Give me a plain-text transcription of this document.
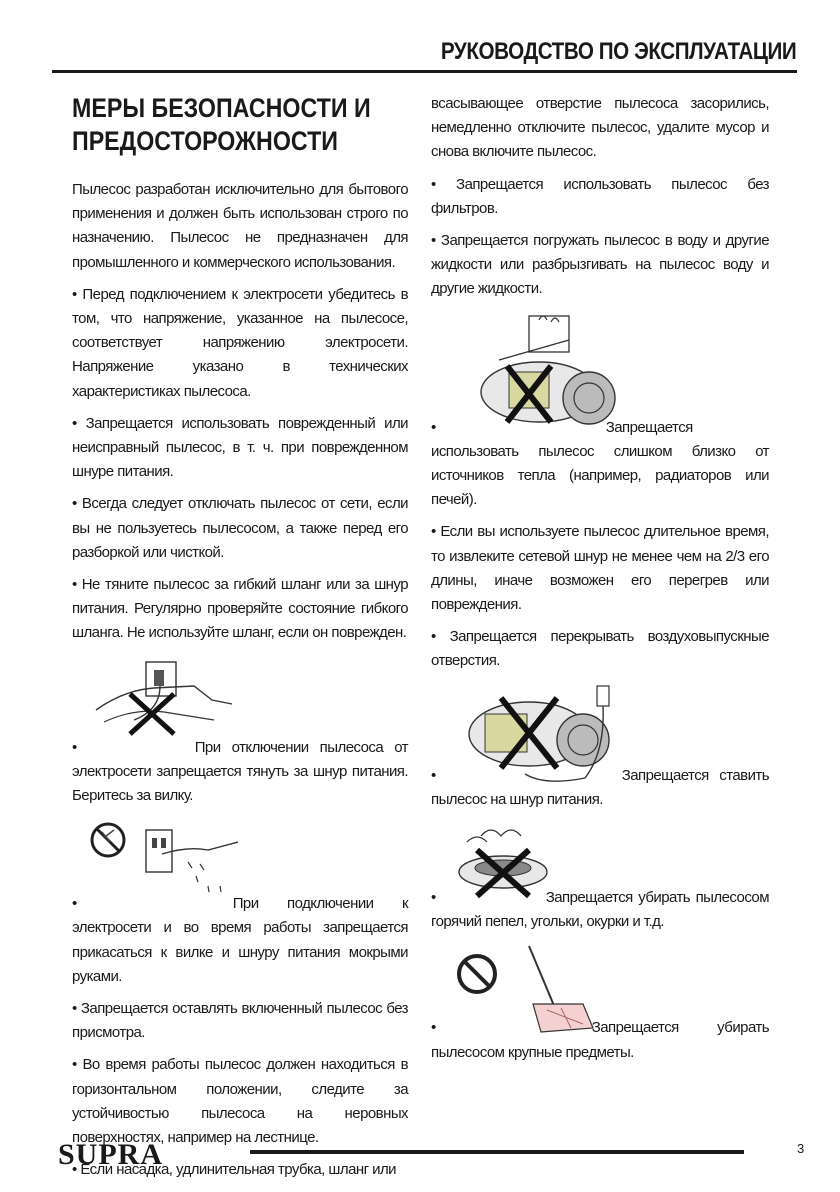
РУКОВОДСТВО ПО ЭКСПЛУАТАЦИИ
МЕРЫ БЕЗОПАСНОСТИ И ПРЕДОСТОРОЖНОСТИ

Пылесос разработан исключительно для бытового применения и должен быть использован строго по назначению. Пылесос не предназначен для промышленного и коммерческого использования.

• Перед подключением к электросети убедитесь в том, что напряжение, указанное на пылесосе, соответствует напряжению электросети. Напряжение указано в технических характеристиках пылесоса.

• Запрещается использовать поврежденный или неисправный пылесос, в т. ч. при поврежденном шнуре питания.

• Всегда следует отключать пылесос от сети, если вы не пользуетесь пылесосом, а также перед его разборкой или чисткой.

• Не тяните пылесос за гибкий шланг или за шнур питания. Регулярно проверяйте состояние гибкого шланга. Не используйте шланг, если он поврежден.

•	При отключении пылесоса от электросети запрещается тянуть за шнур питания. Беритесь за вилку.

•	При подключении к электросети и во время работы запрещается прикасаться к вилке и шнуру питания мокрыми руками.

• Запрещается оставлять включенный пылесос без присмотра.

• Во время работы пылесос должен находиться в горизонтальном положении, следите за устойчивостью пылесоса на неровных поверхностях, например на лестнице.

• Если насадка, удлинительная трубка, шланг или

всасывающее отверстие пылесоса засорились, немедленно отключите пылесос, удалите мусор и снова включите пылесос.

• Запрещается использовать пылесос без фильтров.

• Запрещается погружать пылесос в воду и другие жидкости или разбрызгивать на пылесос воду и другие жидкости.

•	Запрещается использовать пылесос слишком близко от источников тепла (например, радиаторов или печей).

• Если вы используете пылесос длительное время, то извлеките сетевой шнур не менее чем на 2/3 его длины, иначе возможен его перегрев или повреждения.

• Запрещается перекрывать воздуховыпускные отверстия.

•	Запрещается ставить пылесос на шнур питания.

•	Запрещается убирать пылесосом горячий пепел, угольки, окурки и т.д.

•	Запрещается убирать пылесосом крупные предметы.

SUPRA	3
